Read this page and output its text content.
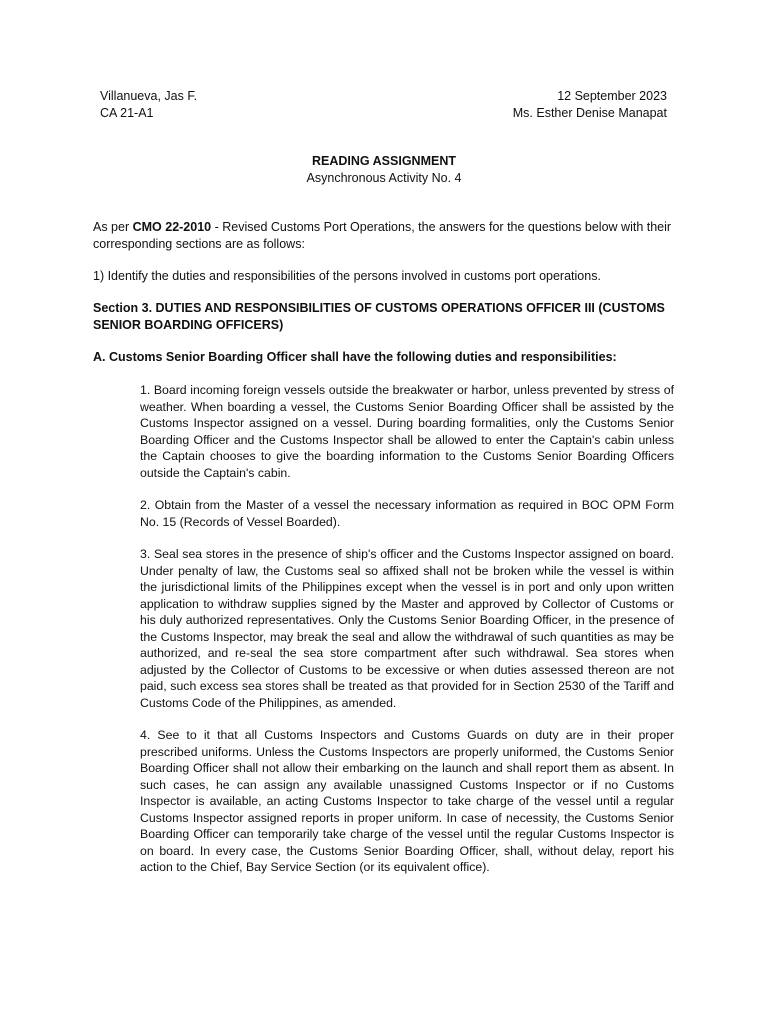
Villanueva, Jas F.
CA 21-A1
12 September 2023
Ms. Esther Denise Manapat
READING ASSIGNMENT
Asynchronous Activity No. 4
As per CMO 22-2010 - Revised Customs Port Operations, the answers for the questions below with their corresponding sections are as follows:
1) Identify the duties and responsibilities of the persons involved in customs port operations.
Section 3. DUTIES AND RESPONSIBILITIES OF CUSTOMS OPERATIONS OFFICER III (CUSTOMS SENIOR BOARDING OFFICERS)
A. Customs Senior Boarding Officer shall have the following duties and responsibilities:
1. Board incoming foreign vessels outside the breakwater or harbor, unless prevented by stress of weather. When boarding a vessel, the Customs Senior Boarding Officer shall be assisted by the Customs Inspector assigned on a vessel. During boarding formalities, only the Customs Senior Boarding Officer and the Customs Inspector shall be allowed to enter the Captain's cabin unless the Captain chooses to give the boarding information to the Customs Senior Boarding Officers outside the Captain's cabin.
2. Obtain from the Master of a vessel the necessary information as required in BOC OPM Form No. 15 (Records of Vessel Boarded).
3. Seal sea stores in the presence of ship's officer and the Customs Inspector assigned on board. Under penalty of law, the Customs seal so affixed shall not be broken while the vessel is within the jurisdictional limits of the Philippines except when the vessel is in port and only upon written application to withdraw supplies signed by the Master and approved by Collector of Customs or his duly authorized representatives. Only the Customs Senior Boarding Officer, in the presence of the Customs Inspector, may break the seal and allow the withdrawal of such quantities as may be authorized, and re-seal the sea store compartment after such withdrawal. Sea stores when adjusted by the Collector of Customs to be excessive or when duties assessed thereon are not paid, such excess sea stores shall be treated as that provided for in Section 2530 of the Tariff and Customs Code of the Philippines, as amended.
4. See to it that all Customs Inspectors and Customs Guards on duty are in their proper prescribed uniforms. Unless the Customs Inspectors are properly uniformed, the Customs Senior Boarding Officer shall not allow their embarking on the launch and shall report them as absent. In such cases, he can assign any available unassigned Customs Inspector or if no Customs Inspector is available, an acting Customs Inspector to take charge of the vessel until a regular Customs Inspector assigned reports in proper uniform. In case of necessity, the Customs Senior Boarding Officer can temporarily take charge of the vessel until the regular Customs Inspector is on board. In every case, the Customs Senior Boarding Officer, shall, without delay, report his action to the Chief, Bay Service Section (or its equivalent office).
